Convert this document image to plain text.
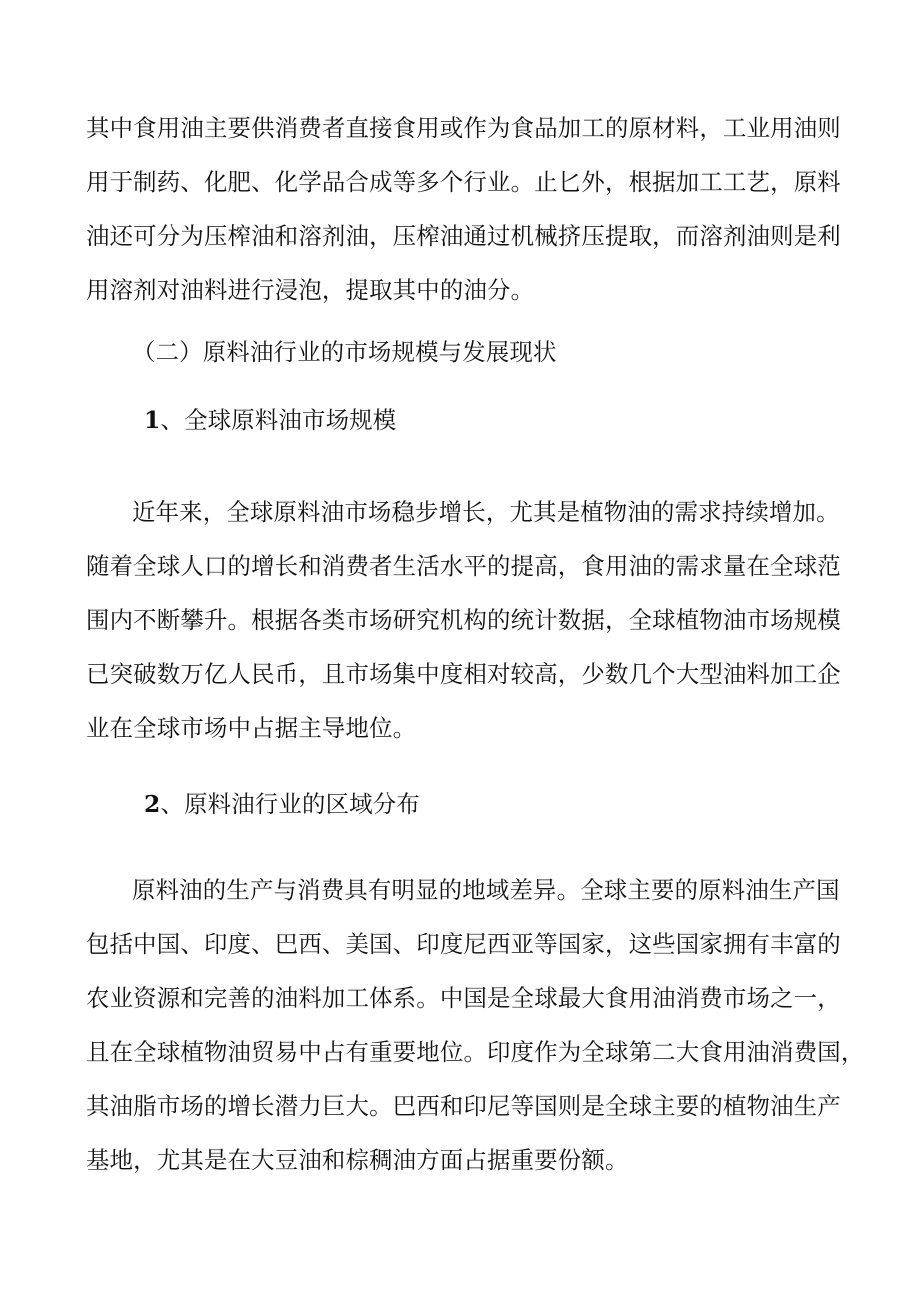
其中食用油主要供消费者直接食用或作为食品加工的原材料，工业用油则
用于制药、化肥、化学品合成等多个行业。止匕外，根据加工工艺，原料
油还可分为压榨油和溶剂油，压榨油通过机械挤压提取，而溶剂油则是利
用溶剂对油料进行浸泡，提取其中的油分。
（二）原料油行业的市场规模与发展现状
1、全球原料油市场规模
近年来，全球原料油市场稳步增长，尤其是植物油的需求持续增加。
随着全球人口的增长和消费者生活水平的提高，食用油的需求量在全球范
围内不断攀升。根据各类市场研究机构的统计数据，全球植物油市场规模
已突破数万亿人民币，且市场集中度相对较高，少数几个大型油料加工企
业在全球市场中占据主导地位。
2、原料油行业的区域分布
原料油的生产与消费具有明显的地域差异。全球主要的原料油生产国
包括中国、印度、巴西、美国、印度尼西亚等国家，这些国家拥有丰富的
农业资源和完善的油料加工体系。中国是全球最大食用油消费市场之一，
且在全球植物油贸易中占有重要地位。印度作为全球第二大食用油消费国，
其油脂市场的增长潜力巨大。巴西和印尼等国则是全球主要的植物油生产
基地，尤其是在大豆油和棕稠油方面占据重要份额。
